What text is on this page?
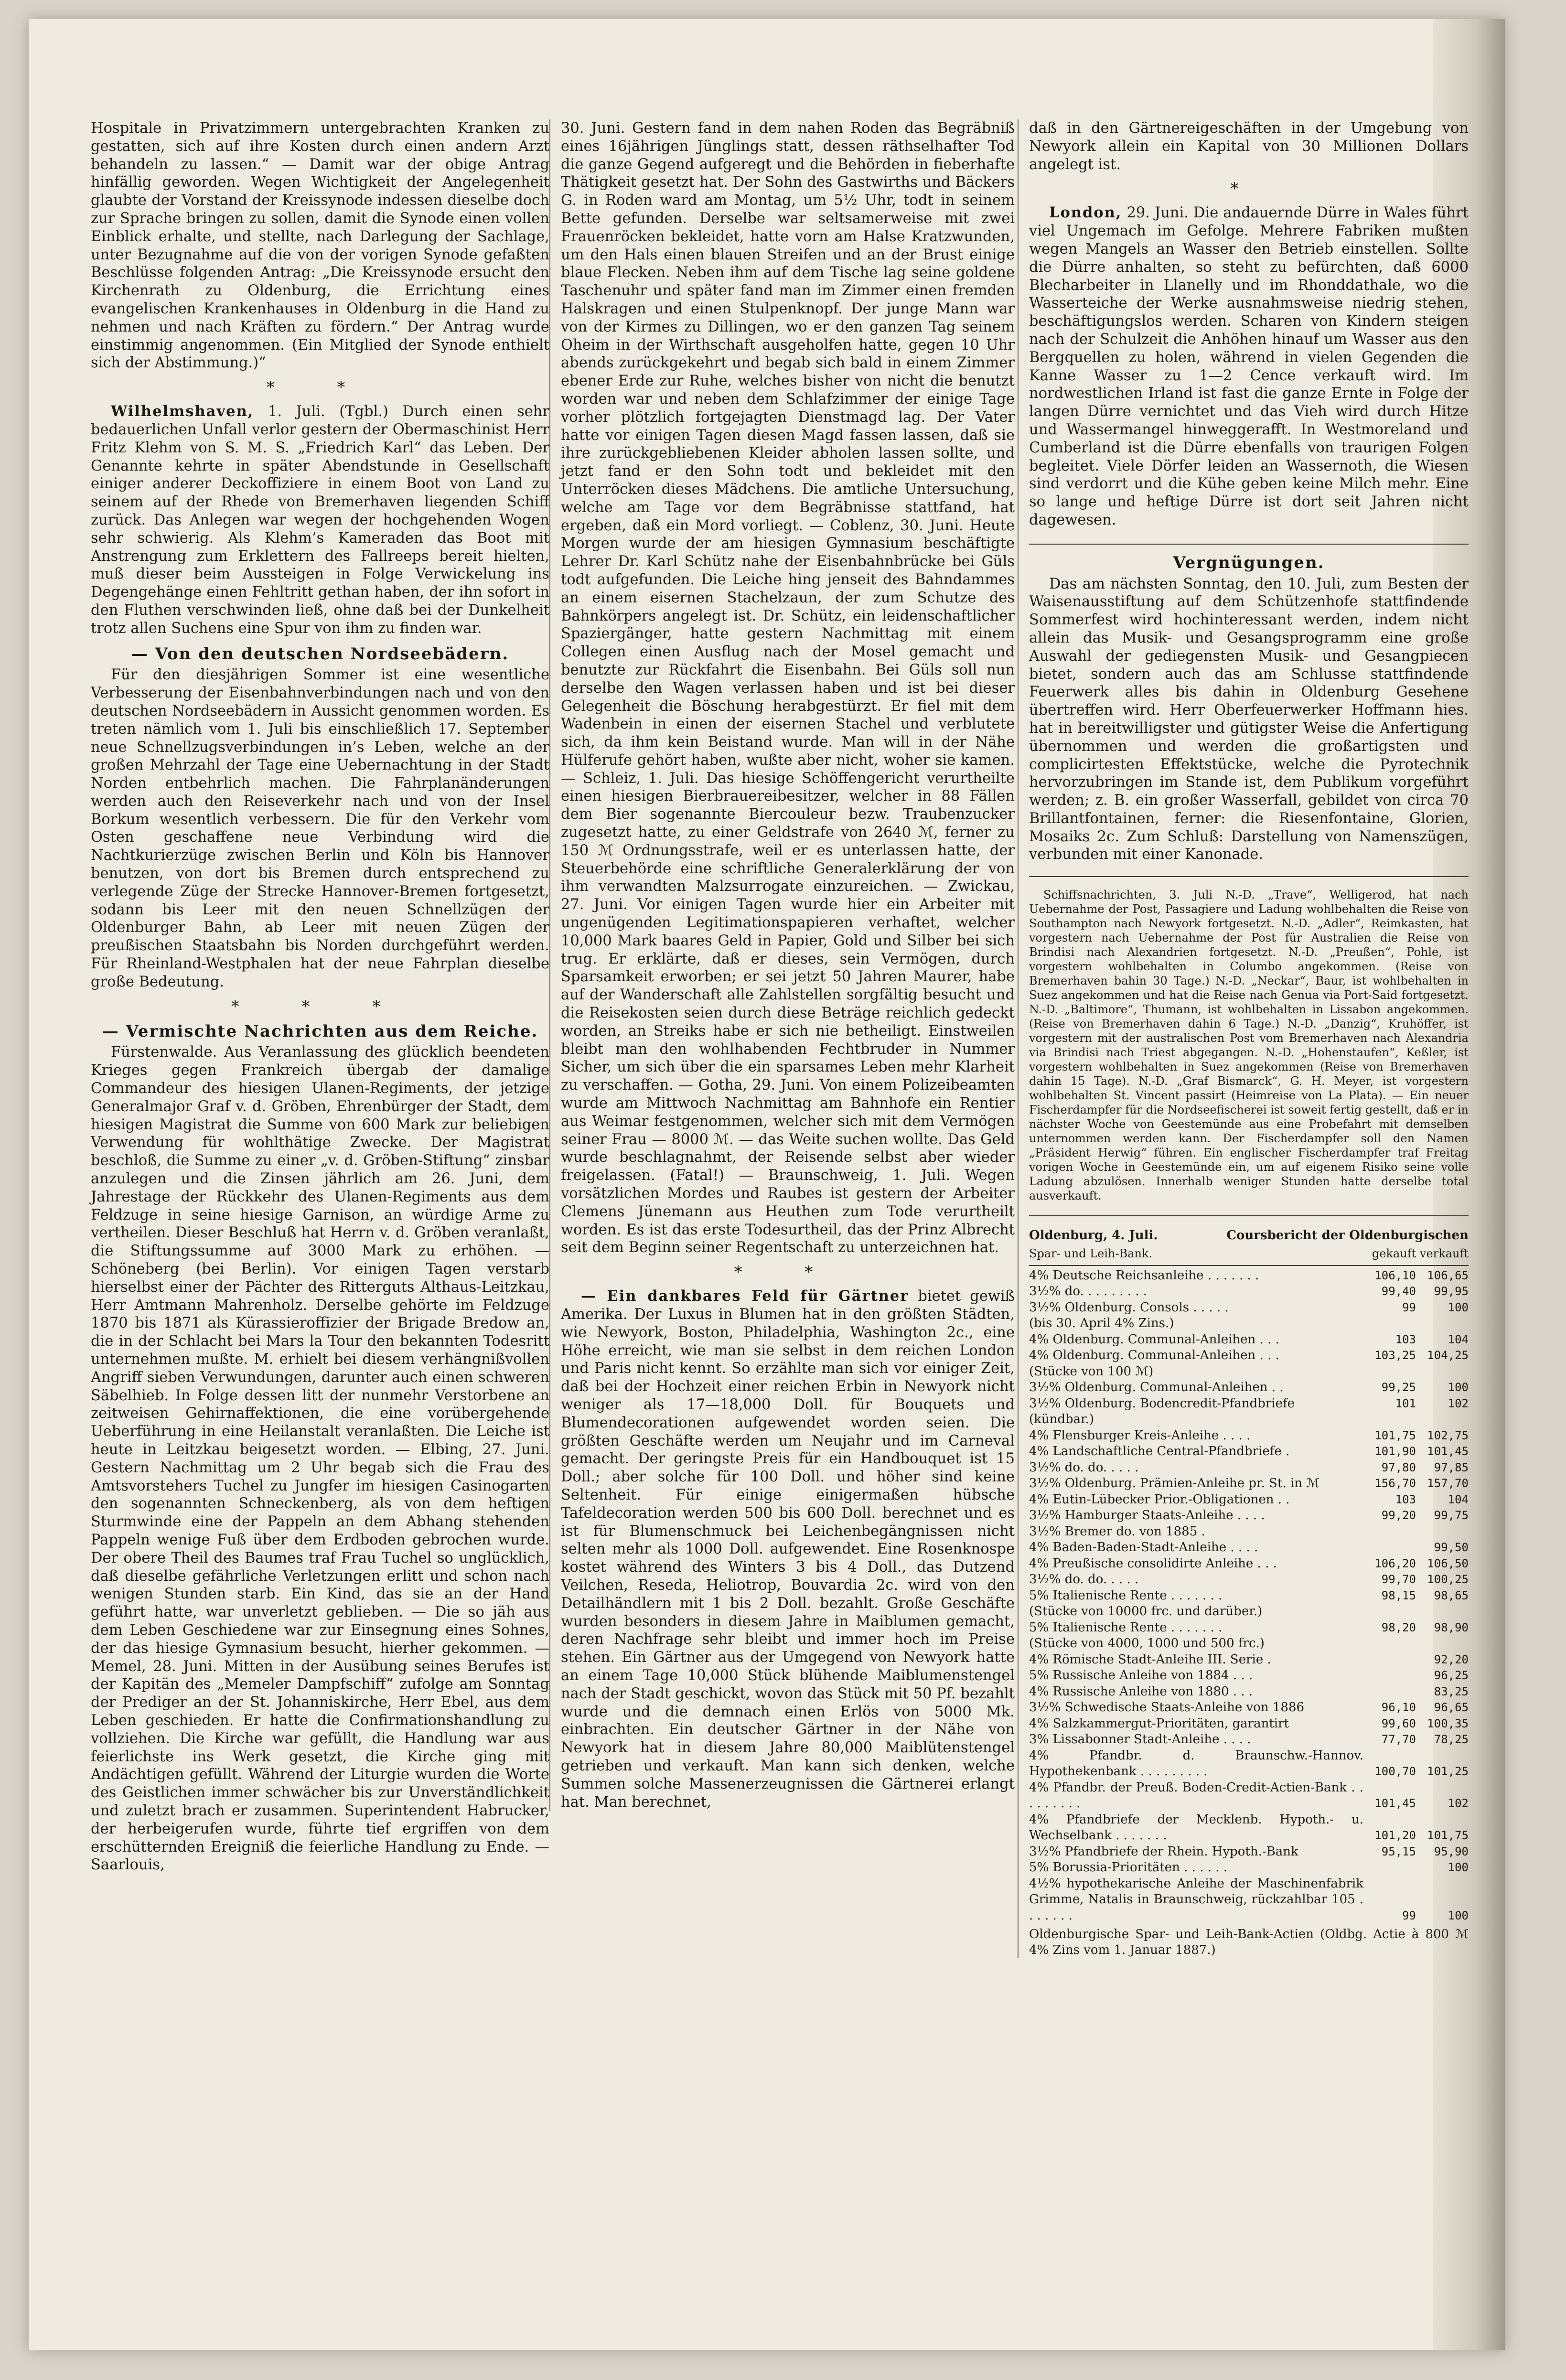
Hospitale in Privatzimmern untergebrachten Kranken zu gestatten, sich auf ihre Kosten durch einen andern Arzt behandeln zu lassen.“ — Damit war der obige Antrag hinfällig geworden. Wegen Wichtigkeit der Angelegenheit glaubte der Vorstand der Kreissynode indessen dieselbe doch zur Sprache bringen zu sollen, damit die Synode einen vollen Einblick erhalte, und stellte, nach Darlegung der Sachlage, unter Bezugnahme auf die von der vorigen Synode gefaßten Beschlüsse folgenden Antrag: „Die Kreissynode ersucht den Kirchenrath zu Oldenburg, die Errichtung eines evangelischen Krankenhauses in Oldenburg in die Hand zu nehmen und nach Kräften zu fördern.“ Der Antrag wurde einstimmig angenommen. (Ein Mitglied der Synode enthielt sich der Abstimmung.)“

* *

Wilhelmshaven, 1. Juli. (Tgbl.) Durch einen sehr bedauerlichen Unfall verlor gestern der Obermaschinist Herr Fritz Klehm von S. M. S. „Friedrich Karl“ das Leben. Der Genannte kehrte in später Abendstunde in Gesellschaft einiger anderer Deckoffiziere in einem Boot von Land zu seinem auf der Rhede von Bremerhaven liegenden Schiff zurück. Das Anlegen war wegen der hochgehenden Wogen sehr schwierig. Als Klehm’s Kameraden das Boot mit Anstrengung zum Erklettern des Fallreeps bereit hielten, muß dieser beim Aussteigen in Folge Verwickelung ins Degengehänge einen Fehltritt gethan haben, der ihn sofort in den Fluthen verschwinden ließ, ohne daß bei der Dunkelheit trotz allen Suchens eine Spur von ihm zu finden war.

— Von den deutschen Nordseebädern.

Für den diesjährigen Sommer ist eine wesentliche Verbesserung der Eisenbahnverbindungen nach und von den deutschen Nordseebädern in Aussicht genommen worden. Es treten nämlich vom 1. Juli bis einschließlich 17. September neue Schnellzugsverbindungen in’s Leben, welche an der großen Mehrzahl der Tage eine Uebernachtung in der Stadt Norden entbehrlich machen. Die Fahrplanänderungen werden auch den Reiseverkehr nach und von der Insel Borkum wesentlich verbessern. Die für den Verkehr vom Osten geschaffene neue Verbindung wird die Nachtkurierzüge zwischen Berlin und Köln bis Hannover benutzen, von dort bis Bremen durch entsprechend zu verlegende Züge der Strecke Hannover-Bremen fortgesetzt, sodann bis Leer mit den neuen Schnellzügen der Oldenburger Bahn, ab Leer mit neuen Zügen der preußischen Staatsbahn bis Norden durchgeführt werden. Für Rheinland-Westphalen hat der neue Fahrplan dieselbe große Bedeutung.

* * *
— Vermischte Nachrichten aus dem Reiche.

Fürstenwalde. Aus Veranlassung des glücklich beendeten Krieges gegen Frankreich übergab der damalige Commandeur des hiesigen Ulanen-Regiments, der jetzige Generalmajor Graf v. d. Gröben, Ehrenbürger der Stadt, dem hiesigen Magistrat die Summe von 600 Mark zur beliebigen Verwendung für wohlthätige Zwecke. Der Magistrat beschloß, die Summe zu einer „v. d. Gröben-Stiftung“ zinsbar anzulegen und die Zinsen jährlich am 26. Juni, dem Jahrestage der Rückkehr des Ulanen-Regiments aus dem Feldzuge in seine hiesige Garnison, an würdige Arme zu vertheilen. Dieser Beschluß hat Herrn v. d. Gröben veranlaßt, die Stiftungssumme auf 3000 Mark zu erhöhen. — Schöneberg (bei Berlin). Vor einigen Tagen verstarb hierselbst einer der Pächter des Ritterguts Althaus-Leitzkau, Herr Amtmann Mahrenholz. Derselbe gehörte im Feldzuge 1870 bis 1871 als Kürassieroffizier der Brigade Bredow an, die in der Schlacht bei Mars la Tour den bekannten Todesritt unternehmen mußte. M. erhielt bei diesem verhängnißvollen Angriff sieben Verwundungen, darunter auch einen schweren Säbelhieb. In Folge dessen litt der nunmehr Verstorbene an zeitweisen Gehirnaffektionen, die eine vorübergehende Ueberführung in eine Heilanstalt veranlaßten. Die Leiche ist heute in Leitzkau beigesetzt worden. — Elbing, 27. Juni. Gestern Nachmittag um 2 Uhr begab sich die Frau des Amtsvorstehers Tuchel zu Jungfer im hiesigen Casinogarten den sogenannten Schneckenberg, als von dem heftigen Sturmwinde eine der Pappeln an dem Abhang stehenden Pappeln wenige Fuß über dem Erdboden gebrochen wurde. Der obere Theil des Baumes traf Frau Tuchel so unglücklich, daß dieselbe gefährliche Verletzungen erlitt und schon nach wenigen Stunden starb. Ein Kind, das sie an der Hand geführt hatte, war unverletzt geblieben. — Die so jäh aus dem Leben Geschiedene war zur Einsegnung eines Sohnes, der das hiesige Gymnasium besucht, hierher gekommen. — Memel, 28. Juni. Mitten in der Ausübung seines Berufes ist der Kapitän des „Memeler Dampfschiff“ zufolge am Sonntag der Prediger an der St. Johanniskirche, Herr Ebel, aus dem Leben geschieden. Er hatte die Confirmationshandlung zu vollziehen. Die Kirche war gefüllt, die Handlung war aus feierlichste ins Werk gesetzt, die Kirche ging mit Andächtigen gefüllt. Während der Liturgie wurden die Worte des Geistlichen immer schwächer bis zur Unverständlichkeit und zuletzt brach er zusammen. Superintendent Habrucker, der herbeigerufen wurde, führte tief ergriffen von dem erschütternden Ereigniß die feierliche Handlung zu Ende. — Saarlouis,

30. Juni. Gestern fand in dem nahen Roden das Begräbniß eines 16jährigen Jünglings statt, dessen räthselhafter Tod die ganze Gegend aufgeregt und die Behörden in fieberhafte Thätigkeit gesetzt hat. Der Sohn des Gastwirths und Bäckers G. in Roden ward am Montag, um 5½ Uhr, todt in seinem Bette gefunden. Derselbe war seltsamerweise mit zwei Frauenröcken bekleidet, hatte vorn am Halse Kratzwunden, um den Hals einen blauen Streifen und an der Brust einige blaue Flecken. Neben ihm auf dem Tische lag seine goldene Taschenuhr und später fand man im Zimmer einen fremden Halskragen und einen Stulpenknopf. Der junge Mann war von der Kirmes zu Dillingen, wo er den ganzen Tag seinem Oheim in der Wirthschaft ausgeholfen hatte, gegen 10 Uhr abends zurückgekehrt und begab sich bald in einem Zimmer ebener Erde zur Ruhe, welches bisher von nicht die benutzt worden war und neben dem Schlafzimmer der einige Tage vorher plötzlich fortgejagten Dienstmagd lag. Der Vater hatte vor einigen Tagen diesen Magd fassen lassen, daß sie ihre zurückgebliebenen Kleider abholen lassen sollte, und jetzt fand er den Sohn todt und bekleidet mit den Unterröcken dieses Mädchens. Die amtliche Untersuchung, welche am Tage vor dem Begräbnisse stattfand, hat ergeben, daß ein Mord vorliegt. — Coblenz, 30. Juni. Heute Morgen wurde der am hiesigen Gymnasium beschäftigte Lehrer Dr. Karl Schütz nahe der Eisenbahnbrücke bei Güls todt aufgefunden. Die Leiche hing jenseit des Bahndammes an einem eisernen Stachelzaun, der zum Schutze des Bahnkörpers angelegt ist. Dr. Schütz, ein leidenschaftlicher Spaziergänger, hatte gestern Nachmittag mit einem Collegen einen Ausflug nach der Mosel gemacht und benutzte zur Rückfahrt die Eisenbahn. Bei Güls soll nun derselbe den Wagen verlassen haben und ist bei dieser Gelegenheit die Böschung herabgestürzt. Er fiel mit dem Wadenbein in einen der eisernen Stachel und verblutete sich, da ihm kein Beistand wurde. Man will in der Nähe Hülferufe gehört haben, wußte aber nicht, woher sie kamen. — Schleiz, 1. Juli. Das hiesige Schöffengericht verurtheilte einen hiesigen Bierbrauereibesitzer, welcher in 88 Fällen dem Bier sogenannte Biercouleur bezw. Traubenzucker zugesetzt hatte, zu einer Geldstrafe von 2640 ℳ, ferner zu 150 ℳ Ordnungsstrafe, weil er es unterlassen hatte, der Steuerbehörde eine schriftliche Generalerklärung der von ihm verwandten Malzsurrogate einzureichen. — Zwickau, 27. Juni. Vor einigen Tagen wurde hier ein Arbeiter mit ungenügenden Legitimationspapieren verhaftet, welcher 10,000 Mark baares Geld in Papier, Gold und Silber bei sich trug. Er erklärte, daß er dieses, sein Vermögen, durch Sparsamkeit erworben; er sei jetzt 50 Jahren Maurer, habe auf der Wanderschaft alle Zahlstellen sorgfältig besucht und die Reisekosten seien durch diese Beträge reichlich gedeckt worden, an Streiks habe er sich nie betheiligt. Einstweilen bleibt man den wohlhabenden Fechtbruder in Nummer Sicher, um sich über die ein sparsames Leben mehr Klarheit zu verschaffen. — Gotha, 29. Juni. Von einem Polizeibeamten wurde am Mittwoch Nachmittag am Bahnhofe ein Rentier aus Weimar festgenommen, welcher sich mit dem Vermögen seiner Frau — 8000 ℳ. — das Weite suchen wollte. Das Geld wurde beschlagnahmt, der Reisende selbst aber wieder freigelassen. (Fatal!) — Braunschweig, 1. Juli. Wegen vorsätzlichen Mordes und Raubes ist gestern der Arbeiter Clemens Jünemann aus Heuthen zum Tode verurtheilt worden. Es ist das erste Todesurtheil, das der Prinz Albrecht seit dem Beginn seiner Regentschaft zu unterzeichnen hat.

* *

— Ein dankbares Feld für Gärtner bietet gewiß Amerika. Der Luxus in Blumen hat in den größten Städten, wie Newyork, Boston, Philadelphia, Washington 2c., eine Höhe erreicht, wie man sie selbst in dem reichen London und Paris nicht kennt. So erzählte man sich vor einiger Zeit, daß bei der Hochzeit einer reichen Erbin in Newyork nicht weniger als 17—18,000 Doll. für Bouquets und Blumendecorationen aufgewendet worden seien. Die größten Geschäfte werden um Neujahr und im Carneval gemacht. Der geringste Preis für ein Handbouquet ist 15 Doll.; aber solche für 100 Doll. und höher sind keine Seltenheit. Für einige einigermaßen hübsche Tafeldecoration werden 500 bis 600 Doll. berechnet und es ist für Blumenschmuck bei Leichenbegängnissen nicht selten mehr als 1000 Doll. aufgewendet. Eine Rosenknospe kostet während des Winters 3 bis 4 Doll., das Dutzend Veilchen, Reseda, Heliotrop, Bouvardia 2c. wird von den Detailhändlern mit 1 bis 2 Doll. bezahlt. Große Geschäfte wurden besonders in diesem Jahre in Maiblumen gemacht, deren Nachfrage sehr bleibt und immer hoch im Preise stehen. Ein Gärtner aus der Umgegend von Newyork hatte an einem Tage 10,000 Stück blühende Maiblumenstengel nach der Stadt geschickt, wovon das Stück mit 50 Pf. bezahlt wurde und die demnach einen Erlös von 5000 Mk. einbrachten. Ein deutscher Gärtner in der Nähe von Newyork hat in diesem Jahre 80,000 Maiblütenstengel getrieben und verkauft. Man kann sich denken, welche Summen solche Massenerzeugnissen die Gärtnerei erlangt hat. Man berechnet,

daß in den Gärtnereigeschäften in der Umgebung von Newyork allein ein Kapital von 30 Millionen Dollars angelegt ist.

*

London, 29. Juni. Die andauernde Dürre in Wales führt viel Ungemach im Gefolge. Mehrere Fabriken mußten wegen Mangels an Wasser den Betrieb einstellen. Sollte die Dürre anhalten, so steht zu befürchten, daß 6000 Blecharbeiter in Llanelly und im Rhonddathale, wo die Wasserteiche der Werke ausnahmsweise niedrig stehen, beschäftigungslos werden. Scharen von Kindern steigen nach der Schulzeit die Anhöhen hinauf um Wasser aus den Bergquellen zu holen, während in vielen Gegenden die Kanne Wasser zu 1—2 Cence verkauft wird. Im nordwestlichen Irland ist fast die ganze Ernte in Folge der langen Dürre vernichtet und das Vieh wird durch Hitze und Wassermangel hinweggerafft. In Westmoreland und Cumberland ist die Dürre ebenfalls von traurigen Folgen begleitet. Viele Dörfer leiden an Wassernoth, die Wiesen sind verdorrt und die Kühe geben keine Milch mehr. Eine so lange und heftige Dürre ist dort seit Jahren nicht dagewesen.

Vergnügungen.

Das am nächsten Sonntag, den 10. Juli, zum Besten der Waisenausstiftung auf dem Schützenhofe stattfindende Sommerfest wird hochinteressant werden, indem nicht allein das Musik- und Gesangsprogramm eine große Auswahl der gediegensten Musik- und Gesangpiecen bietet, sondern auch das am Schlusse stattfindende Feuerwerk alles bis dahin in Oldenburg Gesehene übertreffen wird. Herr Oberfeuerwerker Hoffmann hies. hat in bereitwilligster und gütigster Weise die Anfertigung übernommen und werden die großartigsten und complicirtesten Effektstücke, welche die Pyrotechnik hervorzubringen im Stande ist, dem Publikum vorgeführt werden; z. B. ein großer Wasserfall, gebildet von circa 70 Brillantfontainen, ferner: die Riesenfontaine, Glorien, Mosaiks 2c. Zum Schluß: Darstellung von Namenszügen, verbunden mit einer Kanonade.

Schiffsnachrichten, 3. Juli N.-D. „Trave“, Welligerod, hat nach Uebernahme der Post, Passagiere und Ladung wohlbehalten die Reise von Southampton nach Newyork fortgesetzt. N.-D. „Adler“, Reimkasten, hat vorgestern nach Uebernahme der Post für Australien die Reise von Brindisi nach Alexandrien fortgesetzt. N.-D. „Preußen“, Pohle, ist vorgestern wohlbehalten in Columbo angekommen. (Reise von Bremerhaven bahin 30 Tage.) N.-D. „Neckar“, Baur, ist wohlbehalten in Suez angekommen und hat die Reise nach Genua via Port-Said fortgesetzt. N.-D. „Baltimore“, Thumann, ist wohlbehalten in Lissabon angekommen. (Reise von Bremerhaven dahin 6 Tage.) N.-D. „Danzig“, Kruhöffer, ist vorgestern mit der australischen Post vom Bremerhaven nach Alexandria via Brindisi nach Triest abgegangen. N.-D. „Hohenstaufen“, Keßler, ist vorgestern wohlbehalten in Suez angekommen (Reise von Bremerhaven dahin 15 Tage). N.-D. „Graf Bismarck“, G. H. Meyer, ist vorgestern wohlbehalten St. Vincent passirt (Heimreise von La Plata). — Ein neuer Fischerdampfer für die Nordseefischerei ist soweit fertig gestellt, daß er in nächster Woche von Geestemünde aus eine Probefahrt mit demselben unternommen werden kann. Der Fischerdampfer soll den Namen „Präsident Herwig“ führen. Ein englischer Fischerdampfer traf Freitag vorigen Woche in Geestemünde ein, um auf eigenem Risiko seine volle Ladung abzulösen. Innerhalb weniger Stunden hatte derselbe total ausverkauft.

Oldenburg, 4. Juli.	Coursbericht der Oldenburgischen
Spar- und Leih-Bank.	gekauft verkauft
4% Deutsche Reichsanleihe . . . . . . .	106,10	106,65
3½% do. . . . . . . . .	99,40	99,95
3½% Oldenburg. Consols . . . . .	99	100
(bis 30. April 4% Zins.)		
4% Oldenburg. Communal-Anleihen . . .	103	104
4% Oldenburg. Communal-Anleihen . . .	103,25	104,25
(Stücke von 100 ℳ)		
3½% Oldenburg. Communal-Anleihen . .	99,25	100
3½% Oldenburg. Bodencredit-Pfandbriefe	101	102
(kündbar.)		
4% Flensburger Kreis-Anleihe . . . .	101,75	102,75
4% Landschaftliche Central-Pfandbriefe .	101,90	101,45
3½% do. do. . . . .	97,80	97,85
3½% Oldenburg. Prämien-Anleihe pr. St. in ℳ	156,70	157,70
4% Eutin-Lübecker Prior.-Obligationen . .	103	104
3½% Hamburger Staats-Anleihe . . . .	99,20	99,75
3½% Bremer do. von 1885 .		
4% Baden-Baden-Stadt-Anleihe . . . .		99,50
4% Preußische consolidirte Anleihe . . .	106,20	106,50
3½% do. do. . . . .	99,70	100,25
5% Italienische Rente . . . . . . .	98,15	98,65
(Stücke von 10000 frc. und darüber.)		
5% Italienische Rente . . . . . . .	98,20	98,90
(Stücke von 4000, 1000 und 500 frc.)		
4% Römische Stadt-Anleihe III. Serie .		92,20
5% Russische Anleihe von 1884 . . .		96,25
4% Russische Anleihe von 1880 . . .		83,25
3½% Schwedische Staats-Anleihe von 1886	96,10	96,65
4% Salzkammergut-Prioritäten, garantirt	99,60	100,35
3% Lissabonner Stadt-Anleihe . . . .	77,70	78,25
4% Pfandbr. d. Braunschw.-Hannov. Hypothekenbank . . . . . . . . .	100,70	101,25
4% Pfandbr. der Preuß. Boden-Credit-Actien-Bank . . . . . . . . .	101,45	102
4% Pfandbriefe der Mecklenb. Hypoth.- u. Wechselbank . . . . . . .	101,20	101,75
3½% Pfandbriefe der Rhein. Hypoth.-Bank	95,15	95,90
5% Borussia-Prioritäten . . . . . .		100
4½% hypothekarische Anleihe der Maschinenfabrik Grimme, Natalis in Braunschweig, rückzahlbar 105 . . . . . . .	99	100
Oldenburgische Spar- und Leih-Bank-Actien (Oldbg. Actie à 800 ℳ 4% Zins vom 1. Januar 1887.)
